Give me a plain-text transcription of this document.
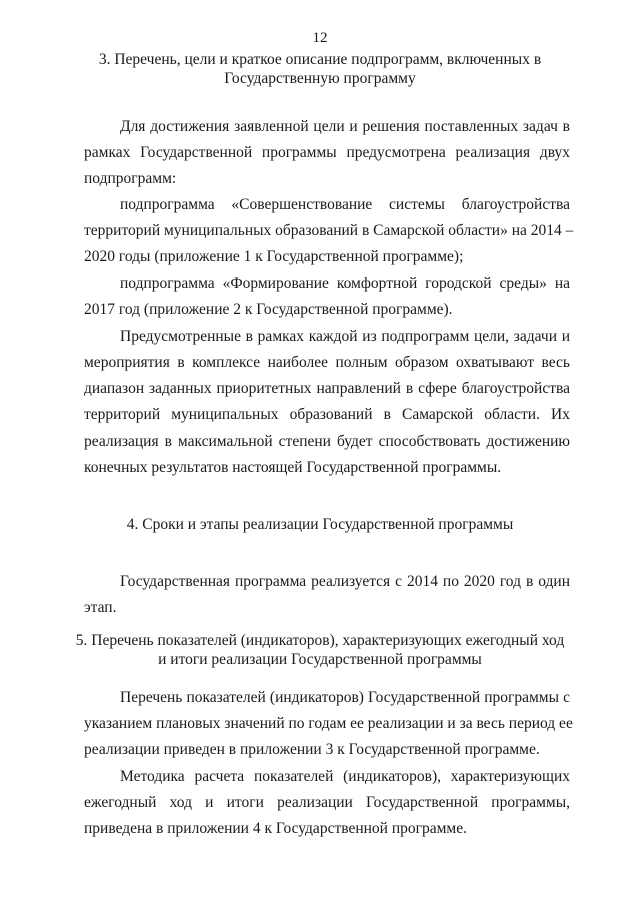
12
3. Перечень, цели и краткое описание подпрограмм, включенных в
Государственную программу
Для достижения заявленной цели и решения поставленных задач в
рамках Государственной программы предусмотрена реализация двух
подпрограмм:
подпрограмма «Совершенствование системы благоустройства
территорий муниципальных образований в Самарской области» на 2014 –
2020 годы (приложение 1 к Государственной программе);
подпрограмма «Формирование комфортной городской среды» на
2017 год (приложение 2 к Государственной программе).
Предусмотренные в рамках каждой из подпрограмм цели, задачи и
мероприятия в комплексе наиболее полным образом охватывают весь
диапазон заданных приоритетных направлений в сфере благоустройства
территорий муниципальных образований в Самарской области. Их
реализация в максимальной степени будет способствовать достижению
конечных результатов настоящей Государственной программы.
4. Сроки и этапы реализации Государственной программы
Государственная программа реализуется с 2014 по 2020 год в один
этап.
5. Перечень показателей (индикаторов), характеризующих ежегодный ход
и итоги реализации Государственной программы
Перечень показателей (индикаторов) Государственной программы с
указанием плановых значений по годам ее реализации и за весь период ее
реализации приведен в приложении 3 к Государственной программе.
Методика расчета показателей (индикаторов), характеризующих
ежегодный ход и итоги реализации Государственной программы,
приведена в приложении 4 к Государственной программе.
